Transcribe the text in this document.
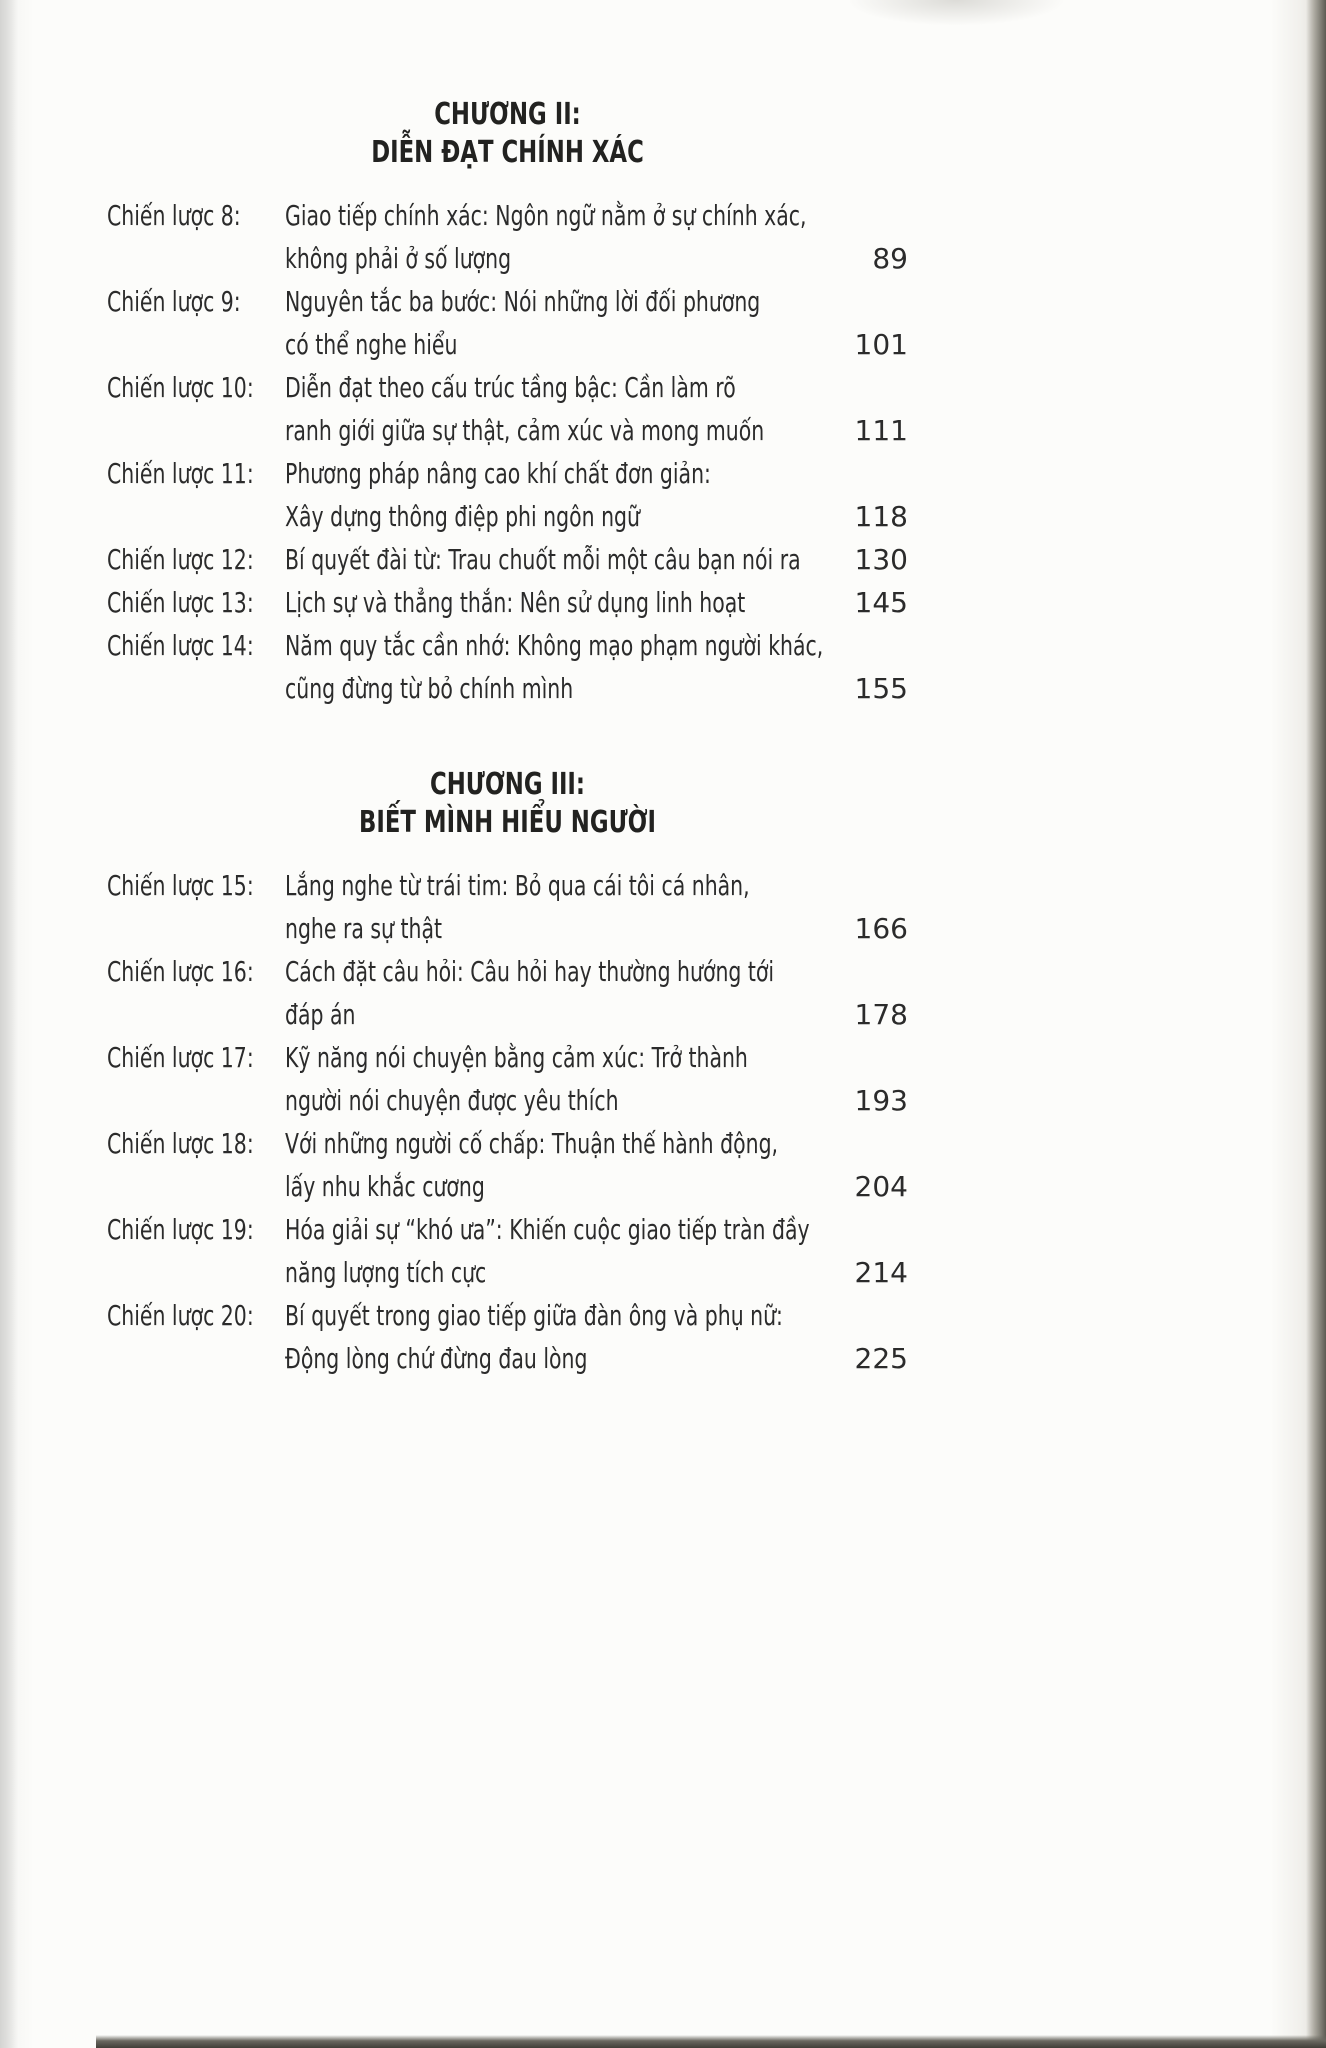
CHƯƠNG II:
DIỄN ĐẠT CHÍNH XÁC
Chiến lược 8: Giao tiếp chính xác: Ngôn ngữ nằm ở sự chính xác,
không phải ở số lượng	89
Chiến lược 9: Nguyên tắc ba bước: Nói những lời đối phương
có thể nghe hiểu	101
Chiến lược 10: Diễn đạt theo cấu trúc tầng bậc: Cần làm rõ
ranh giới giữa sự thật, cảm xúc và mong muốn	111
Chiến lược 11: Phương pháp nâng cao khí chất đơn giản:
Xây dựng thông điệp phi ngôn ngữ	118
Chiến lược 12: Bí quyết đài từ: Trau chuốt mỗi một câu bạn nói ra	130
Chiến lược 13: Lịch sự và thẳng thắn: Nên sử dụng linh hoạt	145
Chiến lược 14: Năm quy tắc cần nhớ: Không mạo phạm người khác,
cũng đừng từ bỏ chính mình	155
CHƯƠNG III:
BIẾT MÌNH HIỂU NGƯỜI
Chiến lược 15: Lắng nghe từ trái tim: Bỏ qua cái tôi cá nhân,
nghe ra sự thật	166
Chiến lược 16: Cách đặt câu hỏi: Câu hỏi hay thường hướng tới
đáp án	178
Chiến lược 17: Kỹ năng nói chuyện bằng cảm xúc: Trở thành
người nói chuyện được yêu thích	193
Chiến lược 18: Với những người cố chấp: Thuận thế hành động,
lấy nhu khắc cương	204
Chiến lược 19: Hóa giải sự “khó ưa”: Khiến cuộc giao tiếp tràn đầy
năng lượng tích cực	214
Chiến lược 20: Bí quyết trong giao tiếp giữa đàn ông và phụ nữ:
Động lòng chứ đừng đau lòng	225
